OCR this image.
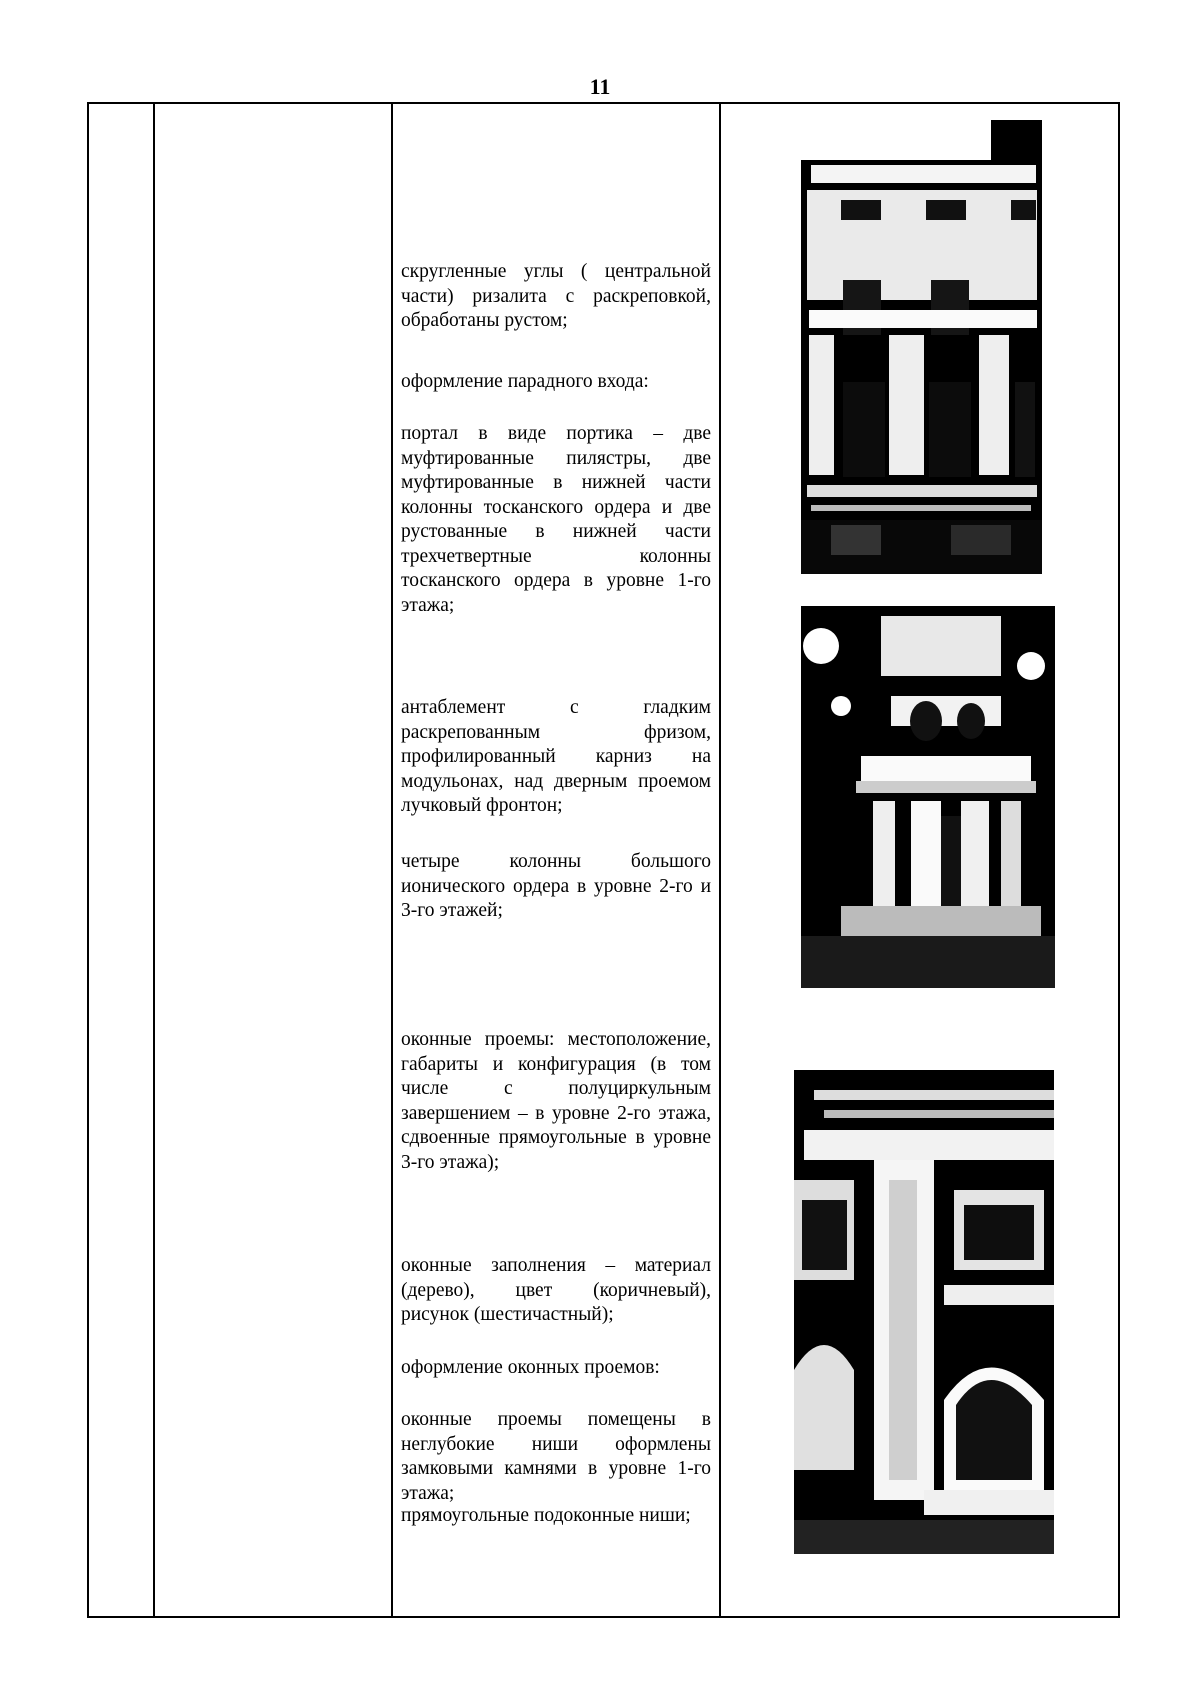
11
скругленные углы ( центральной части) ризалита с раскреповкой, обработаны рустом;
оформление парадного входа:
портал в виде портика – две муфтированные пилястры, две муфтированные в нижней части колонны тосканского ордера и две рустованные в нижней части трехчетвертные колонны тосканского ордера в уровне 1-го этажа;
антаблемент с гладким раскрепованным фризом, профилированный карниз на модульонах, над дверным проемом лучковый фронтон;
четыре колонны большого ионического ордера в уровне 2-го и 3-го этажей;
оконные проемы: местоположение, габариты и конфигурация (в том числе с полуциркульным завершением – в уровне 2-го этажа, сдвоенные прямоугольные в уровне 3-го этажа);
оконные заполнения – материал (дерево), цвет (коричневый), рисунок (шестичастный);
оформление оконных проемов:
оконные проемы помещены в неглубокие ниши оформлены замковыми камнями в уровне 1-го этажа;
прямоугольные подоконные ниши;
